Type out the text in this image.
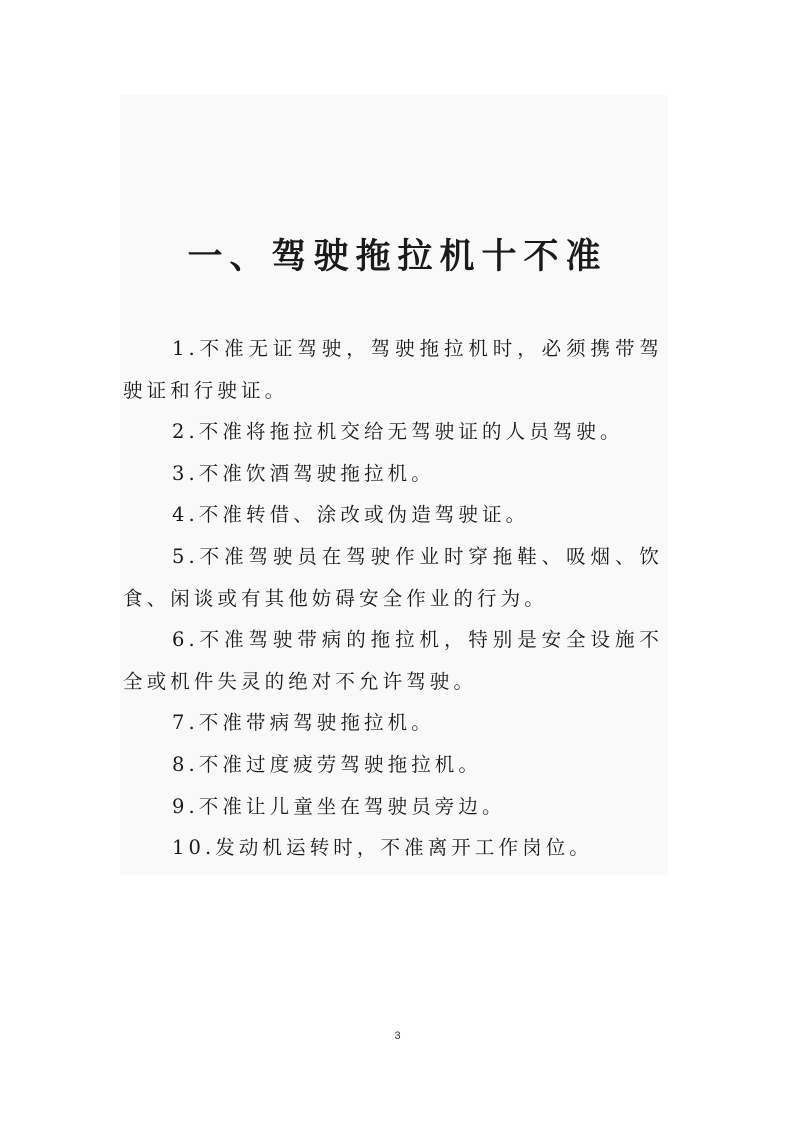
一、驾驶拖拉机十不准

1.不准无证驾驶，驾驶拖拉机时，必须携带驾驶证和行驶证。

2.不准将拖拉机交给无驾驶证的人员驾驶。

3.不准饮酒驾驶拖拉机。

4.不准转借、涂改或伪造驾驶证。

5.不准驾驶员在驾驶作业时穿拖鞋、吸烟、饮食、闲谈或有其他妨碍安全作业的行为。

6.不准驾驶带病的拖拉机，特别是安全设施不全或机件失灵的绝对不允许驾驶。

7.不准带病驾驶拖拉机。

8.不准过度疲劳驾驶拖拉机。

9.不准让儿童坐在驾驶员旁边。

10.发动机运转时，不准离开工作岗位。

3
